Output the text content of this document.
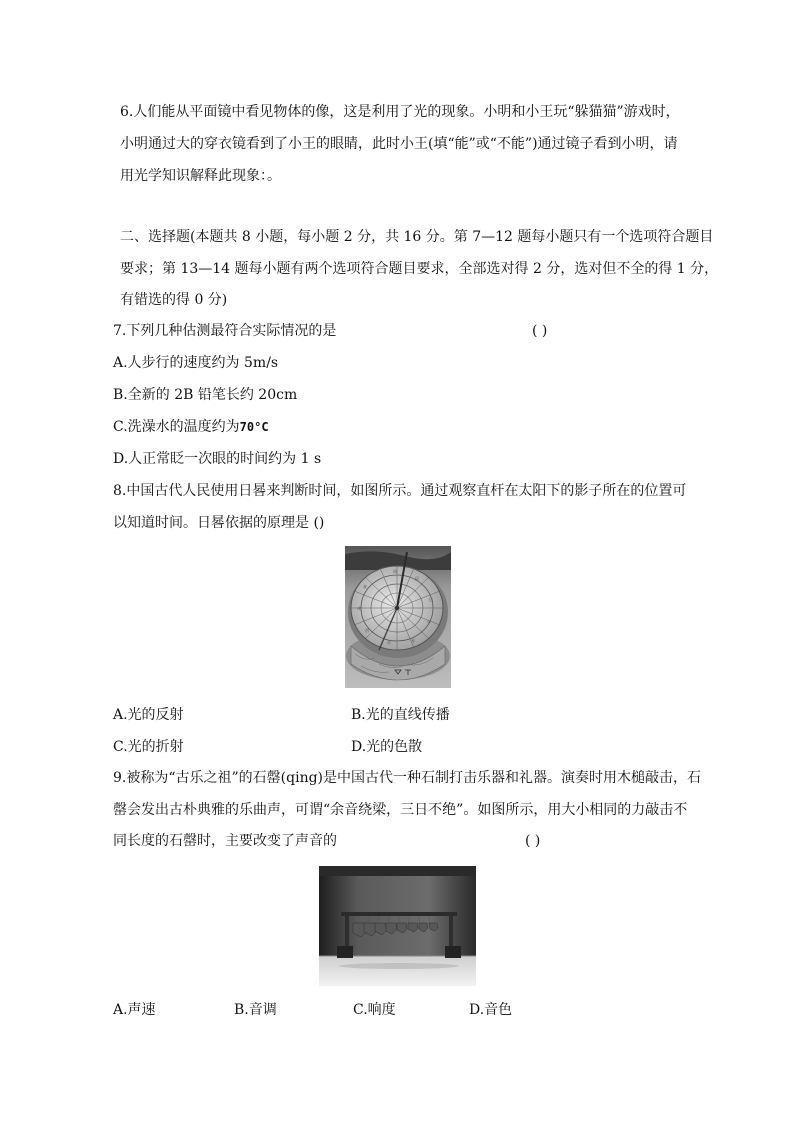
6.人们能从平面镜中看见物体的像，这是利用了光的现象。小明和小王玩“躲猫猫”游戏时，
小明通过大的穿衣镜看到了小王的眼睛，此时小王(填“能”或“不能”)通过镜子看到小明，请
用光学知识解释此现象：。
二、选择题(本题共 8 小题，每小题 2 分，共 16 分。第 7—12 题每小题只有一个选项符合题目
要求；第 13—14 题每小题有两个选项符合题目要求，全部选对得 2 分，选对但不全的得 1 分，
有错选的得 0 分)
7.下列几种估测最符合实际情况的是	( )
A.人步行的速度约为 5m/s
B.全新的 2B 铅笔长约 20cm
C.洗澡水的温度约为70°C
D.人正常眨一次眼的时间约为 1 s
8.中国古代人民使用日晷来判断时间，如图所示。通过观察直杆在太阳下的影子所在的位置可
以知道时间。日晷依据的原理是 ()
卯
辰
巳
午
未
申
酉
戌
亥
A.光的反射	B.光的直线传播
C.光的折射	D.光的色散
9.被称为“古乐之祖”的石罄(qing)是中国古代一种石制打击乐器和礼器。演奏时用木槌敲击，石
罄会发出古朴典雅的乐曲声，可谓“余音绕梁，三日不绝”。如图所示，用大小相同的力敲击不
同长度的石罄时，主要改变了声音的	( )
A.声速	B.音调	C.响度	D.音色
